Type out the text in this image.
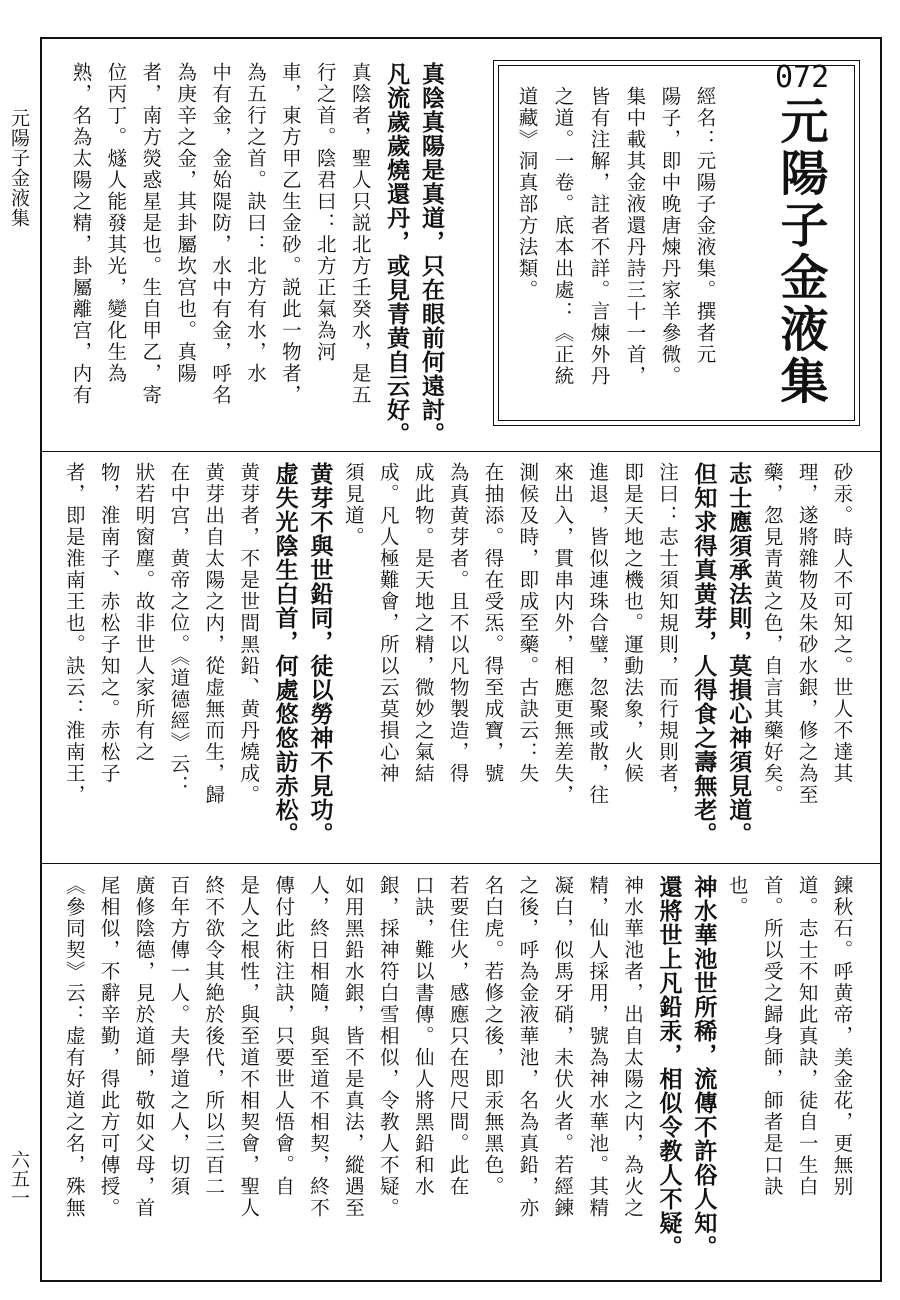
元陽子金液集
六五一
072
元陽子金液集
經名：元陽子金液集。撰者元
陽子，即中晚唐煉丹家羊參微。
集中載其金液還丹詩三十一首，
皆有注解，註者不詳。言煉外丹
之道。一卷。底本出處：《正統
道藏》洞真部方法類。
真陰真陽是真道，只在眼前何遠討。
凡流歲歲燒還丹，或見青黄自云好。
真陰者，聖人只説北方壬癸水，是五
行之首。陰君曰：北方正氣為河
車，東方甲乙生金砂。説此一物者，
為五行之首。訣曰：北方有水，水
中有金，金始隄防，水中有金，呼名
為庚辛之金，其卦屬坎宫也。真陽
者，南方熒惑星是也。生自甲乙，寄
位丙丁。燧人能發其光，變化生為
熟，名為太陽之精，卦屬離宫，内有
砂汞。時人不可知之。世人不達其
理，遂將雜物及朱砂水銀，修之為至
藥，忽見青黄之色，自言其藥好矣。
志士應須承法則，莫損心神須見道。
但知求得真黄芽，人得食之壽無老。
注曰：志士須知規則，而行規則者，
即是天地之機也。運動法象，火候
進退，皆似連珠合璧，忽聚或散，往
來出入，貫串内外，相應更無差失，
測候及時，即成至藥。古訣云：失
在抽添。得在受炁。得至成寶，號
為真黄芽者。且不以凡物製造，得
成此物。是天地之精，微妙之氣結
成。凡人極難會，所以云莫損心神
須見道。
黄芽不與世鉛同，徒以勞神不見功。
虚失光陰生白首，何處悠悠訪赤松。
黄芽者，不是世間黑鉛、黄丹燒成。
黄芽出自太陽之内，從虚無而生，歸
在中宫，黄帝之位。《道德經》云：
狀若明窗塵。故非世人家所有之
物，淮南子、赤松子知之。赤松子
者，即是淮南王也。訣云：淮南王，
鍊秋石。呼黄帝，美金花，更無别
道。志士不知此真訣，徒自一生白
首。所以受之歸身師，師者是口訣
也。
神水華池世所稀，流傳不許俗人知。
還將世上凡鉛汞，相似令教人不疑。
神水華池者，出自太陽之内，為火之
精，仙人採用，號為神水華池。其精
凝白，似馬牙硝，未伏火者。若經鍊
之後，呼為金液華池，名為真鉛，亦
名白虎。若修之後，即汞無黑色。
若要住火，感應只在咫尺間。此在
口訣，難以書傳。仙人將黑鉛和水
銀，採神符白雪相似，令教人不疑。
如用黑鉛水銀，皆不是真法，縱遇至
人，終日相隨，與至道不相契，終不
傳付此術注訣，只要世人悟會。自
是人之根性，與至道不相契會，聖人
終不欲令其絶於後代，所以三百二
百年方傳一人。夫學道之人，切須
廣修陰德，見於道師，敬如父母，首
尾相似，不辭辛勤，得此方可傳授。
《參同契》云：虚有好道之名，殊無
